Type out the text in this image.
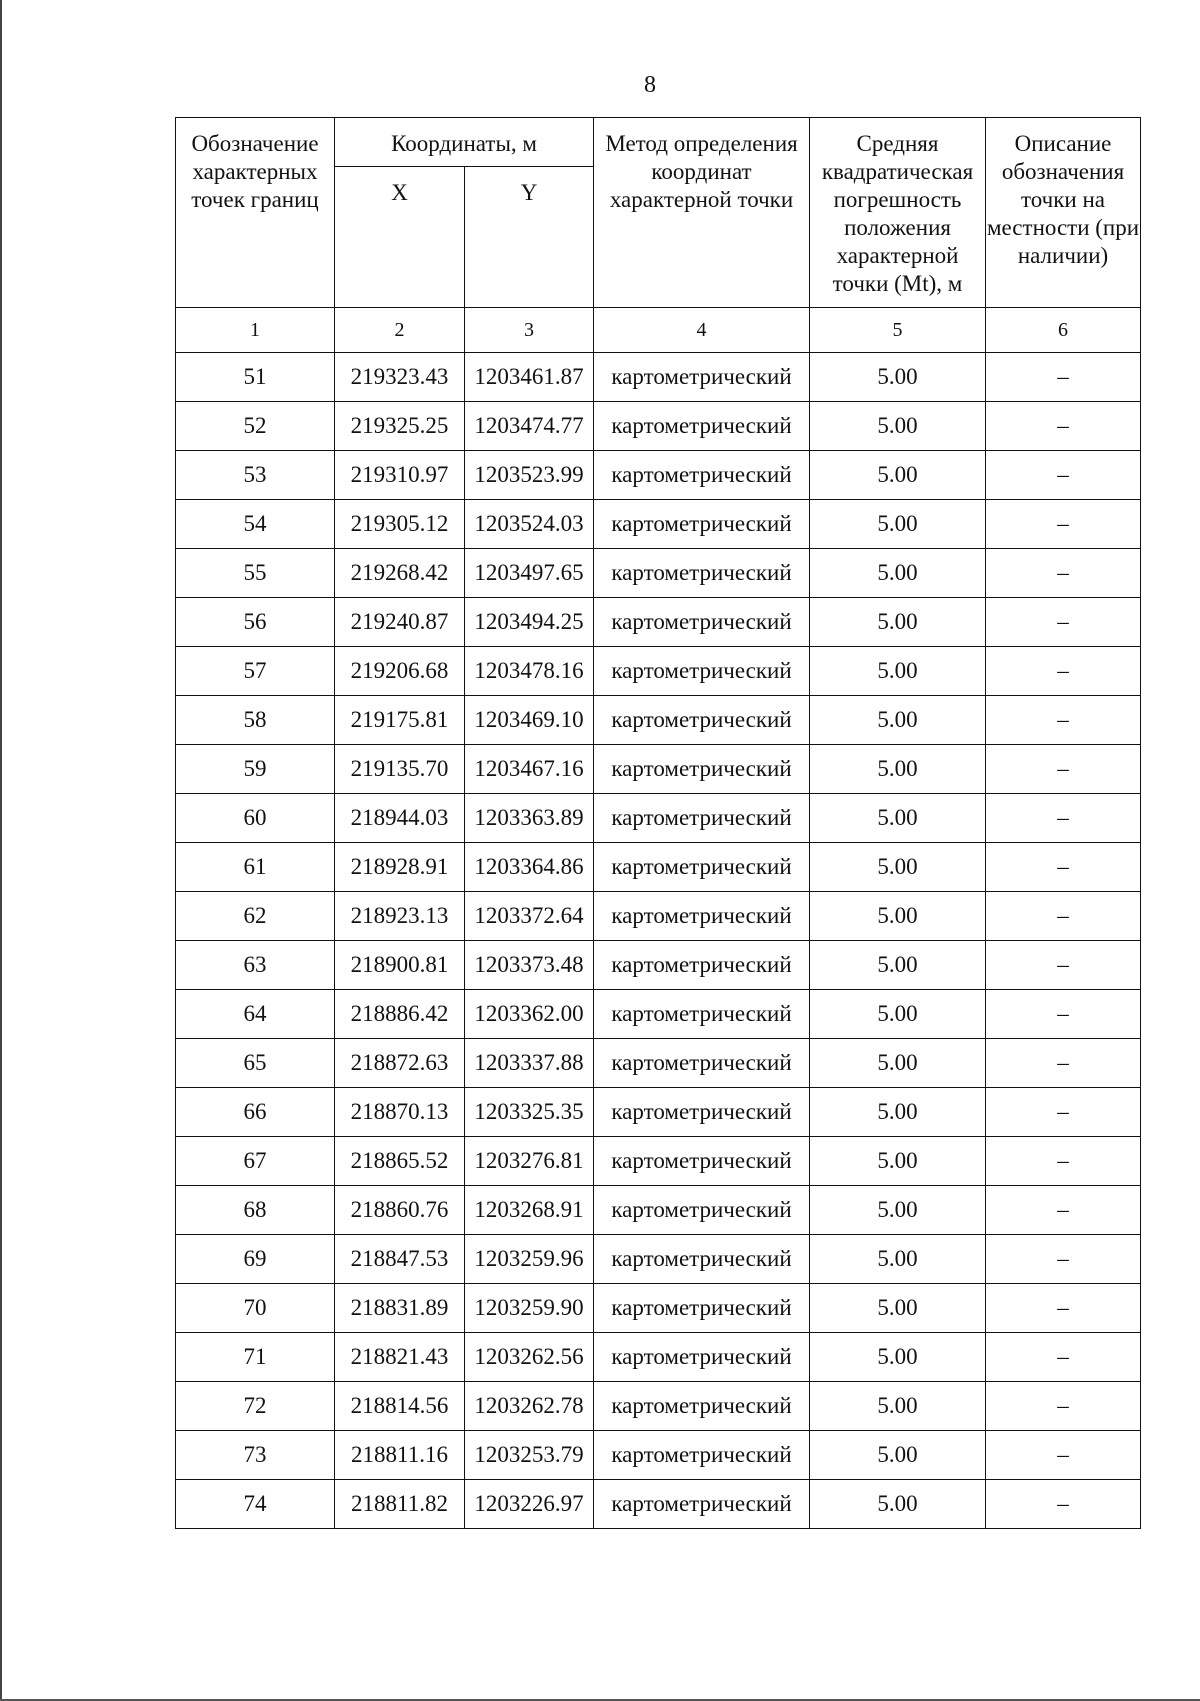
8
Обозначение характерных точек границ	Координаты, м		Метод определения координат характерной точки	Средняя квадратическая погрешность положения характерной точки (Mt), м	Описание обозначения точки на местности (при наличии)
	X	Y			
1	2	3	4	5	6
51	219323.43	1203461.87	картометрический	5.00	–
52	219325.25	1203474.77	картометрический	5.00	–
53	219310.97	1203523.99	картометрический	5.00	–
54	219305.12	1203524.03	картометрический	5.00	–
55	219268.42	1203497.65	картометрический	5.00	–
56	219240.87	1203494.25	картометрический	5.00	–
57	219206.68	1203478.16	картометрический	5.00	–
58	219175.81	1203469.10	картометрический	5.00	–
59	219135.70	1203467.16	картометрический	5.00	–
60	218944.03	1203363.89	картометрический	5.00	–
61	218928.91	1203364.86	картометрический	5.00	–
62	218923.13	1203372.64	картометрический	5.00	–
63	218900.81	1203373.48	картометрический	5.00	–
64	218886.42	1203362.00	картометрический	5.00	–
65	218872.63	1203337.88	картометрический	5.00	–
66	218870.13	1203325.35	картометрический	5.00	–
67	218865.52	1203276.81	картометрический	5.00	–
68	218860.76	1203268.91	картометрический	5.00	–
69	218847.53	1203259.96	картометрический	5.00	–
70	218831.89	1203259.90	картометрический	5.00	–
71	218821.43	1203262.56	картометрический	5.00	–
72	218814.56	1203262.78	картометрический	5.00	–
73	218811.16	1203253.79	картометрический	5.00	–
74	218811.82	1203226.97	картометрический	5.00	–
